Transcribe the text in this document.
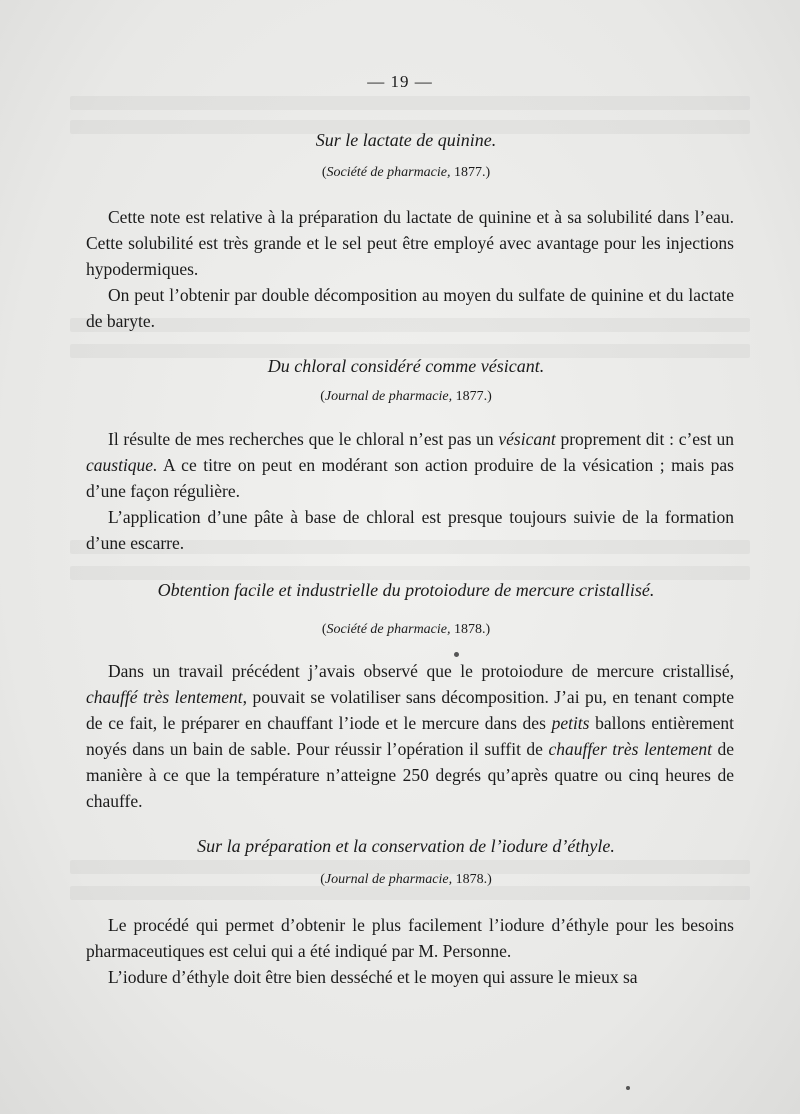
— 19 —
Sur le lactate de quinine.
(Société de pharmacie, 1877.)
Cette note est relative à la préparation du lactate de quinine et à sa solubilité dans l’eau. Cette solubilité est très grande et le sel peut être employé avec avantage pour les injections hypodermiques.
On peut l’obtenir par double décomposition au moyen du sulfate de quinine et du lactate de baryte.
Du chloral considéré comme vésicant.
(Journal de pharmacie, 1877.)
Il résulte de mes recherches que le chloral n’est pas un vésicant proprement dit : c’est un caustique. A ce titre on peut en modérant son action produire de la vésication ; mais pas d’une façon régulière.
L’application d’une pâte à base de chloral est presque toujours suivie de la formation d’une escarre.
Obtention facile et industrielle du protoiodure de mercure cristallisé.
(Société de pharmacie, 1878.)
Dans un travail précédent j’avais observé que le protoiodure de mercure cristallisé, chauffé très lentement, pouvait se volatiliser sans décomposition. J’ai pu, en tenant compte de ce fait, le préparer en chauffant l’iode et le mercure dans des petits ballons entièrement noyés dans un bain de sable. Pour réussir l’opération il suffit de chauffer très lentement de manière à ce que la température n’atteigne 250 degrés qu’après quatre ou cinq heures de chauffe.
Sur la préparation et la conservation de l’iodure d’éthyle.
(Journal de pharmacie, 1878.)
Le procédé qui permet d’obtenir le plus facilement l’iodure d’éthyle pour les besoins pharmaceutiques est celui qui a été indiqué par M. Personne.
L’iodure d’éthyle doit être bien desséché et le moyen qui assure le mieux sa
